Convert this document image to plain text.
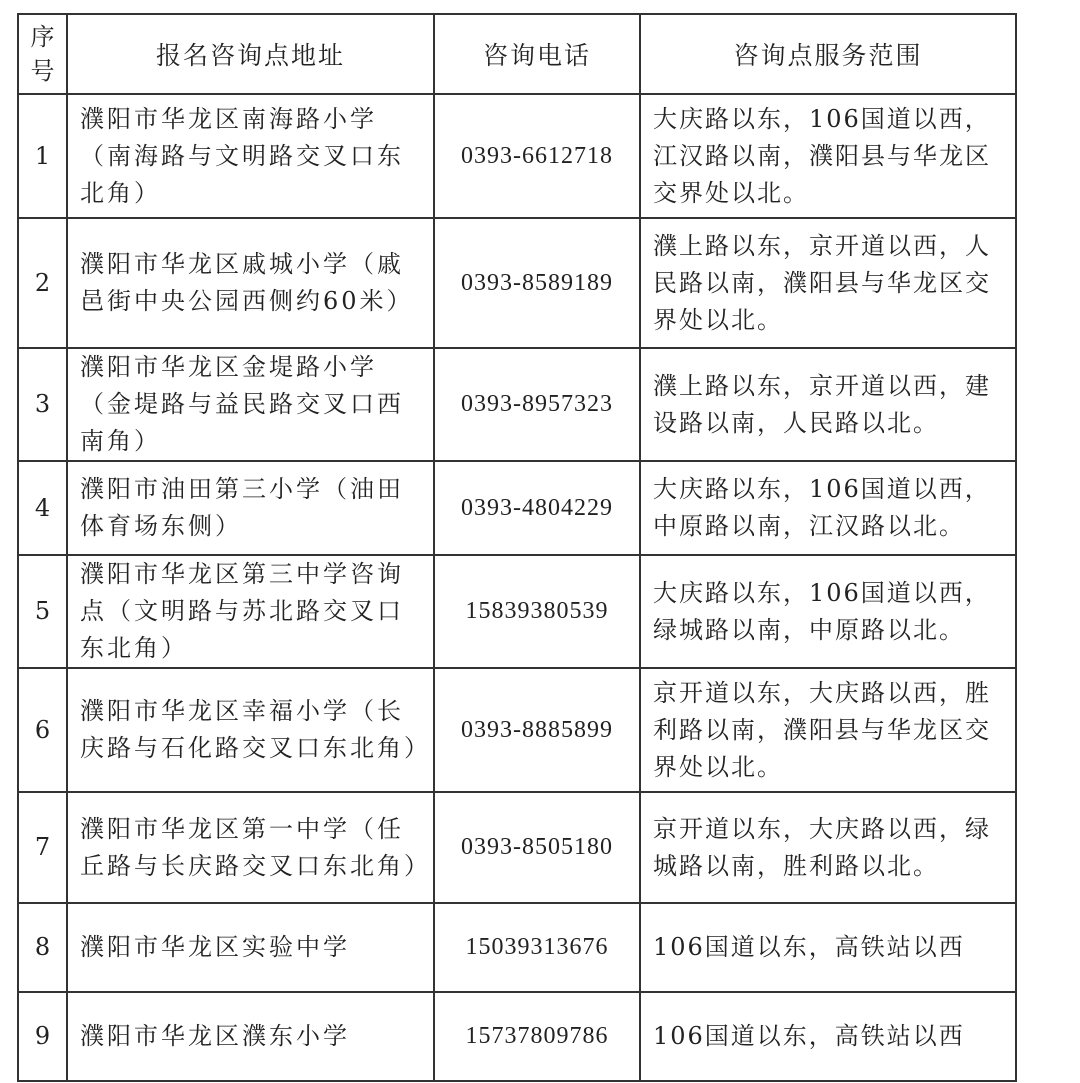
序号	报名咨询点地址	咨询电话	咨询点服务范围
1	濮阳市华龙区南海路小学（南海路与文明路交叉口东北角）	0393-6612718	大庆路以东，106国道以西，江汉路以南，濮阳县与华龙区交界处以北。
2	濮阳市华龙区戚城小学（戚邑街中央公园西侧约60米）	0393-8589189	濮上路以东，京开道以西，人民路以南，濮阳县与华龙区交界处以北。
3	濮阳市华龙区金堤路小学（金堤路与益民路交叉口西南角）	0393-8957323	濮上路以东，京开道以西，建设路以南，人民路以北。
4	濮阳市油田第三小学（油田体育场东侧）	0393-4804229	大庆路以东，106国道以西，中原路以南，江汉路以北。
5	濮阳市华龙区第三中学咨询点（文明路与苏北路交叉口东北角）	15839380539	大庆路以东，106国道以西，绿城路以南，中原路以北。
6	濮阳市华龙区幸福小学（长庆路与石化路交叉口东北角）	0393-8885899	京开道以东，大庆路以西，胜利路以南，濮阳县与华龙区交界处以北。
7	濮阳市华龙区第一中学（任丘路与长庆路交叉口东北角）	0393-8505180	京开道以东，大庆路以西，绿城路以南，胜利路以北。
8	濮阳市华龙区实验中学	15039313676	106国道以东，高铁站以西
9	濮阳市华龙区濮东小学	15737809786	106国道以东，高铁站以西
